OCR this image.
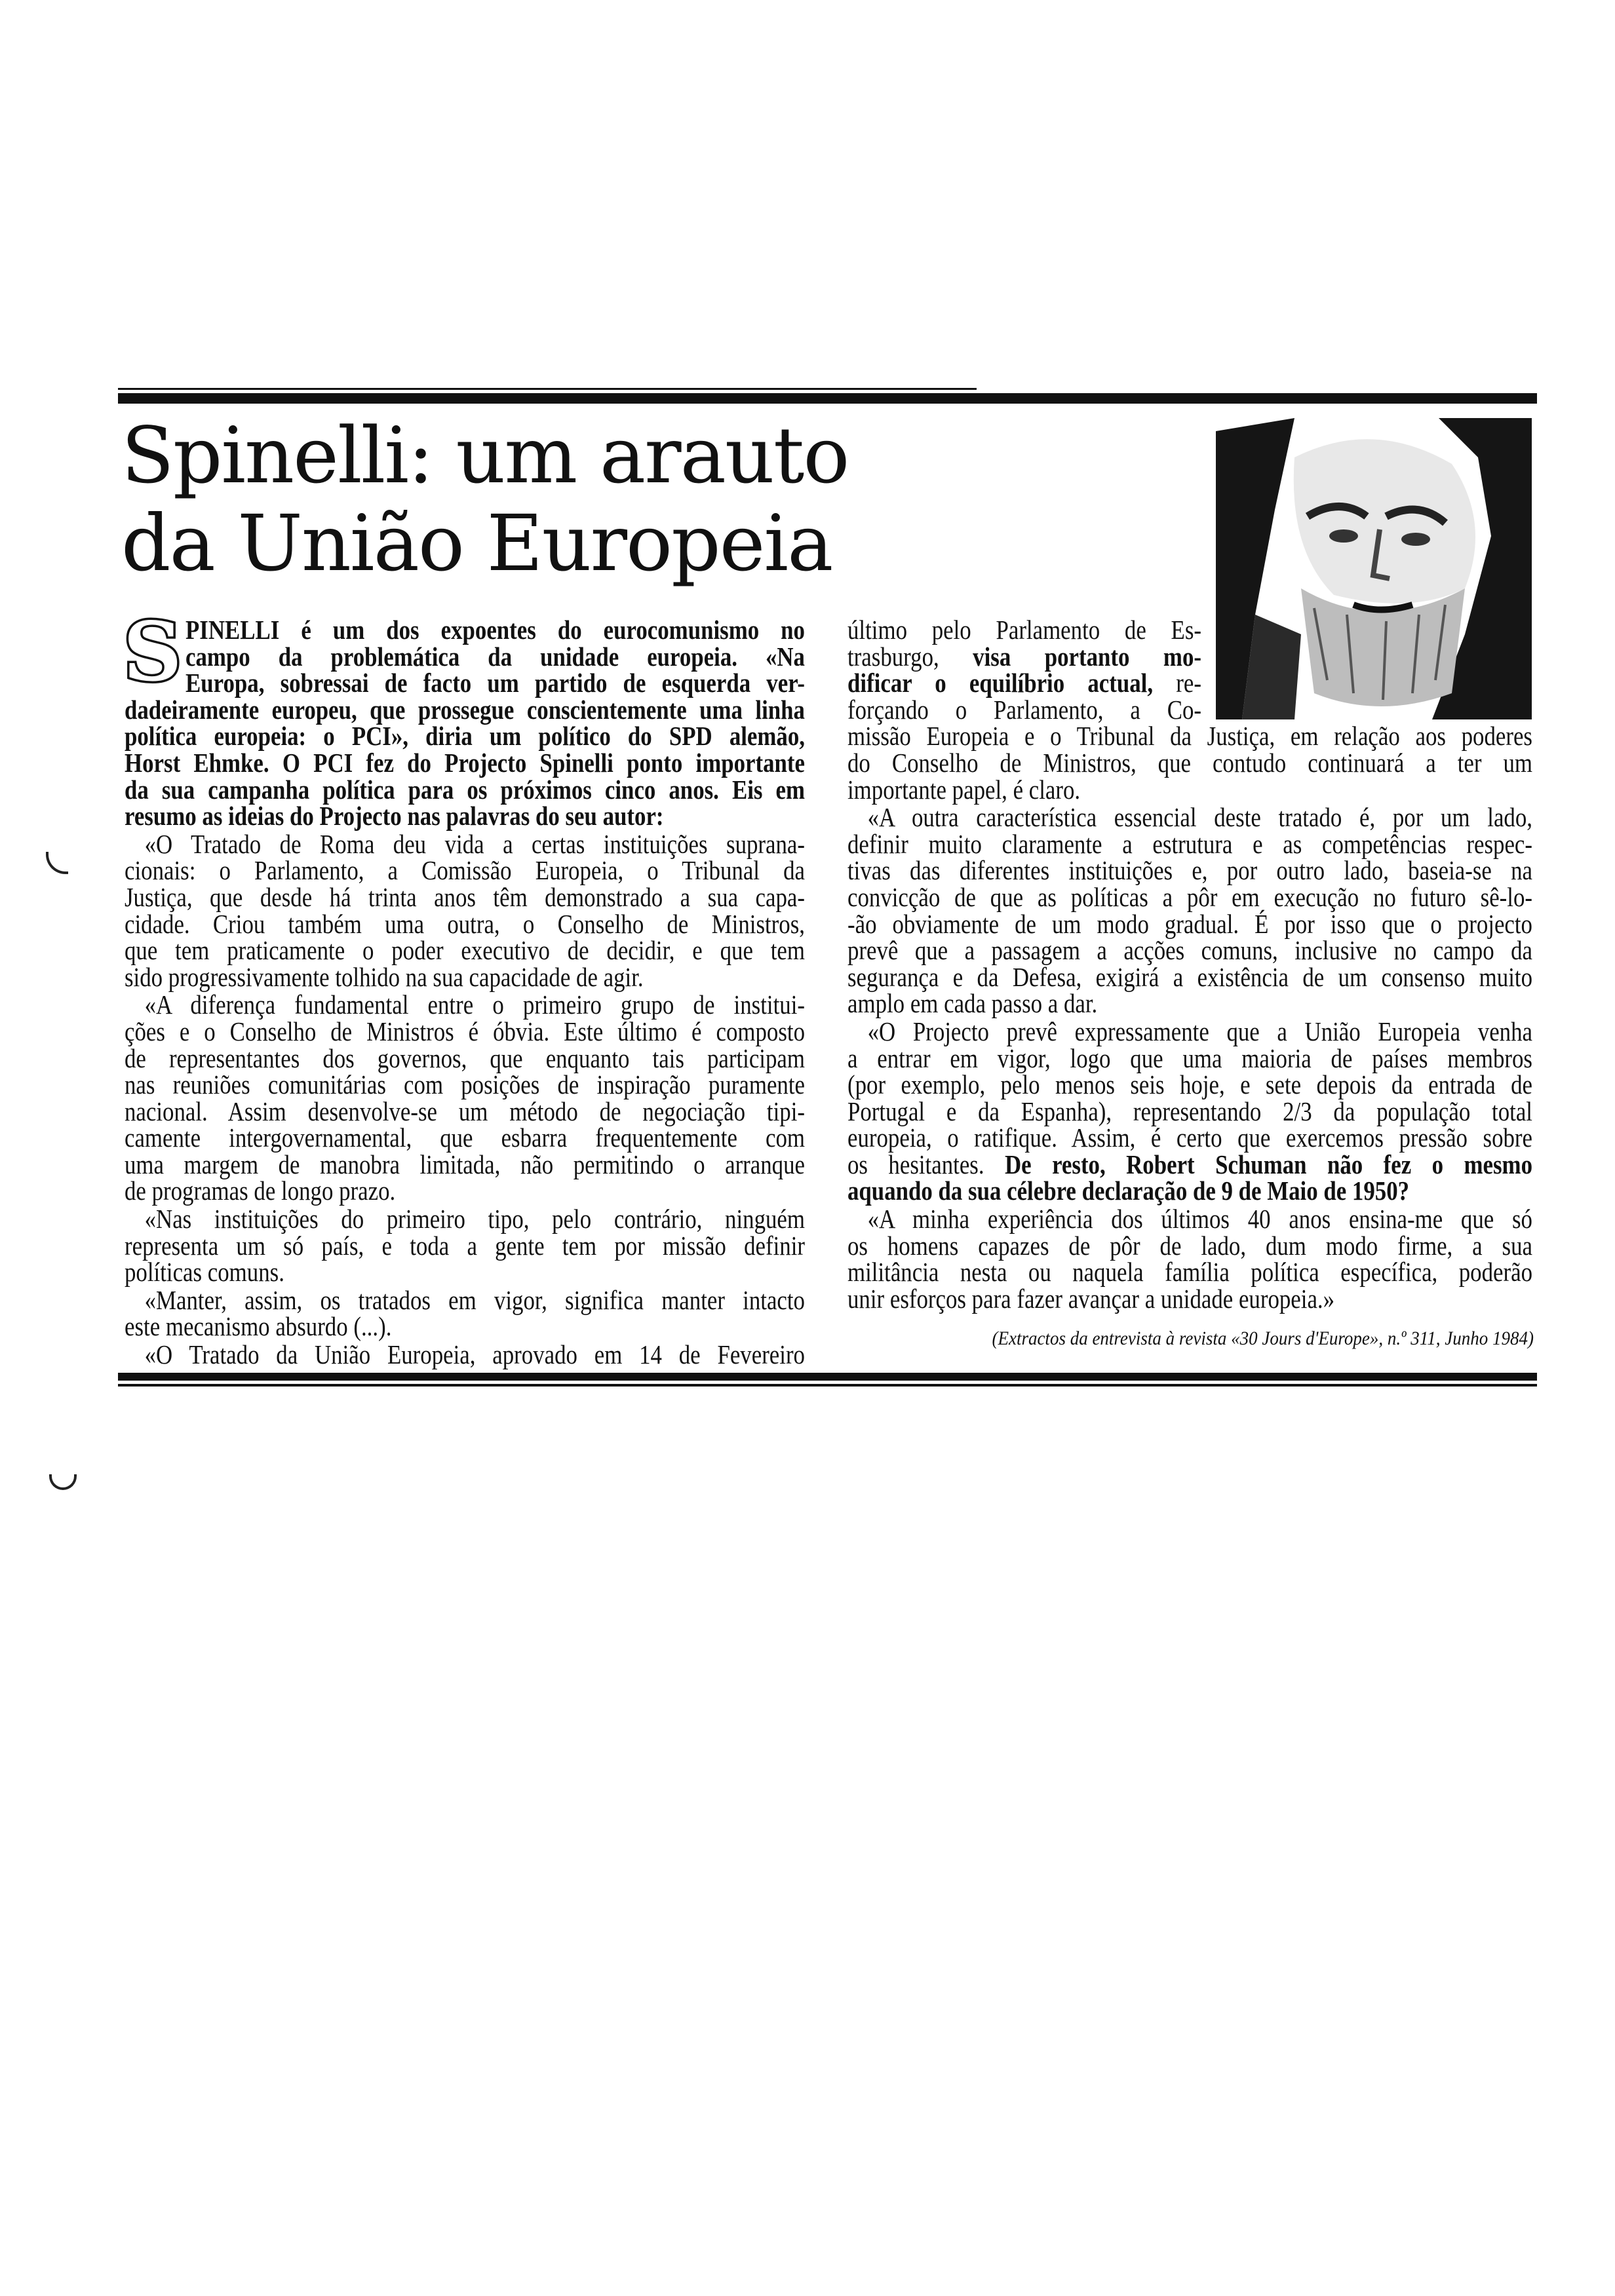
Spinelli: um arauto
da União Europeia
S PINELLI é um dos expoentes do eurocomunismo no
campo da problemática da unidade europeia. «Na
Europa, sobressai de facto um partido de esquerda ver-
dadeiramente europeu, que prossegue conscientemente uma linha
política europeia: o PCI», diria um político do SPD alemão,
Horst Ehmke. O PCI fez do Projecto Spinelli ponto importante
da sua campanha política para os próximos cinco anos. Eis em
resumo as ideias do Projecto nas palavras do seu autor:
«O Tratado de Roma deu vida a certas instituições suprana-
cionais: o Parlamento, a Comissão Europeia, o Tribunal da
Justiça, que desde há trinta anos têm demonstrado a sua capa-
cidade. Criou também uma outra, o Conselho de Ministros,
que tem praticamente o poder executivo de decidir, e que tem
sido progressivamente tolhido na sua capacidade de agir.
«A diferença fundamental entre o primeiro grupo de institui-
ções e o Conselho de Ministros é óbvia. Este último é composto
de representantes dos governos, que enquanto tais participam
nas reuniões comunitárias com posições de inspiração puramente
nacional. Assim desenvolve-se um método de negociação tipi-
camente intergovernamental, que esbarra frequentemente com
uma margem de manobra limitada, não permitindo o arranque
de programas de longo prazo.
«Nas instituições do primeiro tipo, pelo contrário, ninguém
representa um só país, e toda a gente tem por missão definir
políticas comuns.
«Manter, assim, os tratados em vigor, significa manter intacto
este mecanismo absurdo (...).
«O Tratado da União Europeia, aprovado em 14 de Fevereiro
último pelo Parlamento de Es-
trasburgo, visa portanto mo-
dificar o equilíbrio actual, re-
forçando o Parlamento, a Co-
missão Europeia e o Tribunal da Justiça, em relação aos poderes
do Conselho de Ministros, que contudo continuará a ter um
importante papel, é claro.
«A outra característica essencial deste tratado é, por um lado,
definir muito claramente a estrutura e as competências respec-
tivas das diferentes instituições e, por outro lado, baseia-se na
convicção de que as políticas a pôr em execução no futuro sê-lo-
-ão obviamente de um modo gradual. É por isso que o projecto
prevê que a passagem a acções comuns, inclusive no campo da
segurança e da Defesa, exigirá a existência de um consenso muito
amplo em cada passo a dar.
«O Projecto prevê expressamente que a União Europeia venha
a entrar em vigor, logo que uma maioria de países membros
(por exemplo, pelo menos seis hoje, e sete depois da entrada de
Portugal e da Espanha), representando 2/3 da população total
europeia, o ratifique. Assim, é certo que exercemos pressão sobre
os hesitantes. De resto, Robert Schuman não fez o mesmo
aquando da sua célebre declaração de 9 de Maio de 1950?
«A minha experiência dos últimos 40 anos ensina-me que só
os homens capazes de pôr de lado, dum modo firme, a sua
militância nesta ou naquela família política específica, poderão
unir esforços para fazer avançar a unidade europeia.»
(Extractos da entrevista à revista «30 Jours d'Europe», n.º 311, Junho 1984)
